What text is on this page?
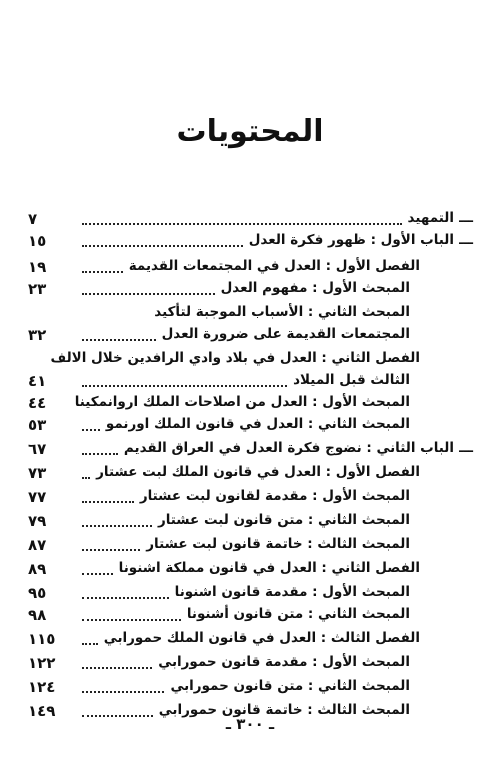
المحتويات
ـــ
التمهيد
٧
ـــ
الباب الأول : ظهور فكرة العدل
١٥
الفصل الأول : العدل في المجتمعات القديمة
١٩
المبحث الأول : مفهوم العدل
٢٣
المبحث الثاني : الأسباب الموجبة لتأكيد
المجتمعات القديمة على ضرورة العدل
٣٢
الفصل الثاني : العدل في بلاد وادي الرافدين خلال الالف
الثالث قبل الميلاد
٤١
المبحث الأول : العدل من اصلاحات الملك اروانمكينا
٤٤
المبحث الثاني : العدل في قانون الملك اورنمو
٥٣
ـــ
الباب الثاني : نضوج فكرة العدل في العراق القديم
٦٧
الفصل الأول : العدل في قانون الملك لبت عشتار
٧٣
المبحث الأول : مقدمة لقانون لبت عشتار
٧٧
المبحث الثاني : متن قانون لبت عشتار
٧٩
المبحث الثالث : خاتمة قانون لبت عشتار
٨٧
الفصل الثاني : العدل في قانون مملكة اشنونا
٨٩
المبحث الأول : مقدمة قانون اشنونا
٩٥
المبحث الثاني : متن قانون أشنونا
٩٨
الفصل الثالث : العدل في قانون الملك حمورابي
١١٥
المبحث الأول : مقدمة قانون حمورابي
١٢٢
المبحث الثاني : متن قانون حمورابي
١٢٤
المبحث الثالث : خاتمة قانون حمورابي
١٤٩
ـ ٣٠٠ ـ
